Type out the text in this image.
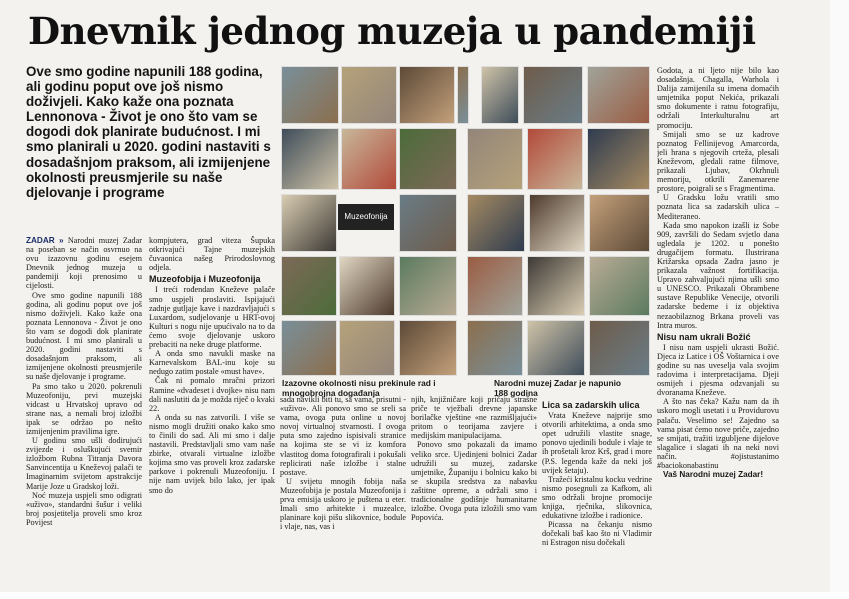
Dnevnik jednog muzeja u pandemiji

Ove smo godine napunili 188 godina, ali godinu poput ove još nismo doživjeli. Kako kaže ona poznata Lennonova - Život je ono što vam se dogodi dok planirate budućnost. I mi smo planirali u 2020. godini nastaviti s dosadašnjom praksom, ali izmijenjene okolnosti preusmjerile su naše djelovanje i programe

Muzeofonija

Izazovne okolnosti nisu prekinule rad i mnogobrojna događanja

Narodni muzej Zadar je napunio 188 godina

ZADAR » Narodni muzej Zadar na poseban se način osvrnuo na ovu izazovnu godinu esejem Dnevnik jednog muzeja u pandemiji koji prenosimo u cijelosti.

Ove smo godine napunili 188 godina, ali godinu poput ove još nismo doživjeli. Kako kaže ona poznata Lennonova - Život je ono što vam se dogodi dok planirate budućnost. I mi smo planirali u 2020. godini nastaviti s dosadašnjom praksom, ali izmijenjene okolnosti preusmjerile su naše djelovanje i programe.

Pa smo tako u 2020. pokrenuli Muzeofoniju, prvi muzejski vidcast u Hrvatskoj upravo od strane nas, a nemali broj izložbi ipak se održao po nešto izmijenjenim pravilima igre.

U godinu smo ušli dodirujući zvijezde i osluškujući svemir izložbom Rubna Titranja Davora Sanvincentija u Kneževoj palači te Imaginarnim svijetom apstrakcije Marije Joze u Gradskoj loži.

Noć muzeja uspjeli smo odigrati «uživo», standardni šušur i veliki broj posjetitelja proveli smo kroz Povijest

kompjutera, grad viteza Šupuka otkrivajući Tajne muzejskih čuvaonica našeg Prirodoslovnog odjela.

Muzeofobija i Muzeofonija

I treći rođendan Kneževe palače smo uspjeli proslaviti. Ispijajući zadnje gutljaje kave i nazdravljajući s Luxardom, sudjelovanje u HRT-ovoj Kulturi s nogu nije upućivalo na to da ćemo svoje djelovanje uskoro prebaciti na neke druge platforme.

A onda smo navukli maske na Karnevalskom BAL-inu koje su nedugo zatim postale «must have».

Čak ni pomalo mračni prizori Ramine «dvadeset i dvojke» nisu nam dali naslutiti da je možda riječ o kvaki 22.

A onda su nas zatvorili. I više se nismo mogli družiti onako kako smo to činili do sad. Ali mi smo i dalje nastavili. Predstavljali smo vam naše zbirke, otvarali virtualne izložbe kojima smo vas proveli kroz zadarske parkove i pokrenuli Muzeofoniju. I nije nam uvijek bilo lako, jer ipak smo do

sada navikli biti tu, sa vama, prisutni - «uživo». Ali ponovo smo se sreli sa vama, ovoga puta online u novoj novoj virtualnoj stvarnosti. I ovoga puta smo zajedno ispisivali stranice na kojima ste se vi iz komfora vlastitog doma fotografirali i pokušali replicirati naše izložbe i stalne postave.

U svijetu mnogih fobija naša Muzeofobija je postala Muzeofonija i prva emisija uskoro je puštena u eter. Imali smo arhitekte i muzealce, planinare koji pišu slikovnice, bodule i vlaje, nas, vas i

njih, knjižničare koji pričaju strašne priče te vježbali drevne japanske borilačke vještine «ne razmišljajući» pritom o teorijama zavjere i medijskim manipulacijama.

Ponovo smo pokazali da imamo veliko srce. Ujedinjeni bolnici Zadar udružili su muzej, zadarske umjetnike, Županiju i bolnicu kako bi se skupila sredstva za nabavku zaštitne opreme, a održali smo i tradicionalne godišnje humanitarne izložbe. Ovoga puta izložili smo vam Popovića.

Lica sa zadarskih ulica

Vrata Kneževe najprije smo otvorili arhitektima, a onda smo opet udružili vlastite snage, ponovo ujedinili bodule i vlaje te ih prošetali kroz Krš, grad i more (P.S. legenda kaže da neki još uvijek šetaju).

Tražeći kristalnu kocku vedrine nismo posegnuli za Kafkom, ali smo održali brojne promocije knjiga, rječnika, slikovnica, edukativne izložbe i radionice.

Picassa na čekanju nismo dočekali baš kao što ni Vladimir ni Estragon nisu dočekali

Godota, a ni ljeto nije bilo kao dosadašnja. Chagalla, Warhola i Dalija zamijenila su imena domaćih umjetnika poput Nekića, prikazali smo dokumente i ratnu fotografiju, održali Interkulturalnu art promociju.

Smijali smo se uz kadrove poznatog Fellinijevog Amarcorda, jeli hrana s njegovih crteža, plesali Kneževom, gledali ratne filmove, prikazali Ljubav, Okrhnuli memoriju, otkrili Zanemarene prostore, poigrali se s Fragmentima.

U Gradsku ložu vratili smo poznata lica sa zadarskih ulica – Mediteraneo.

Kada smo napokon izašli iz Sobe 909, završili do Sedam svjetlo dana ugledala je 1202. u ponešto drugačijem formatu. Ilustrirana Križarska opsada Zadra jasno je prikazala važnost fortifikacija. Upravo zahvaljujući njima ušli smo u UNESCO. Prikazali Obrambene sustave Republike Venecije, otvorili zadarske bedeme i iz objektiva nezaobilaznog Brkana proveli vas Intra muros.

Nisu nam ukrali Božić

I nisu nam uspjeli ukrasti Božić. Djeca iz Latice i OŠ Voštarnica i ove godine su nas uveselja vala svojim radovima i interpretacijama. Djeji osmijeh i pjesma odzvanjali su dvoranama Kneževe.

A što nas čeka? Kažu nam da ih uskoro mogli usetati i u Providurovu palaču. Veselimo se! Zajedno sa vama pisat ćemo nove priče, zajedno se smijati, tražiti izgubljene dijelove slagalice i slagati ih na neki novi način. #ojistustanimo #baciokonabastinu

Vaš Narodni muzej Zadar!
